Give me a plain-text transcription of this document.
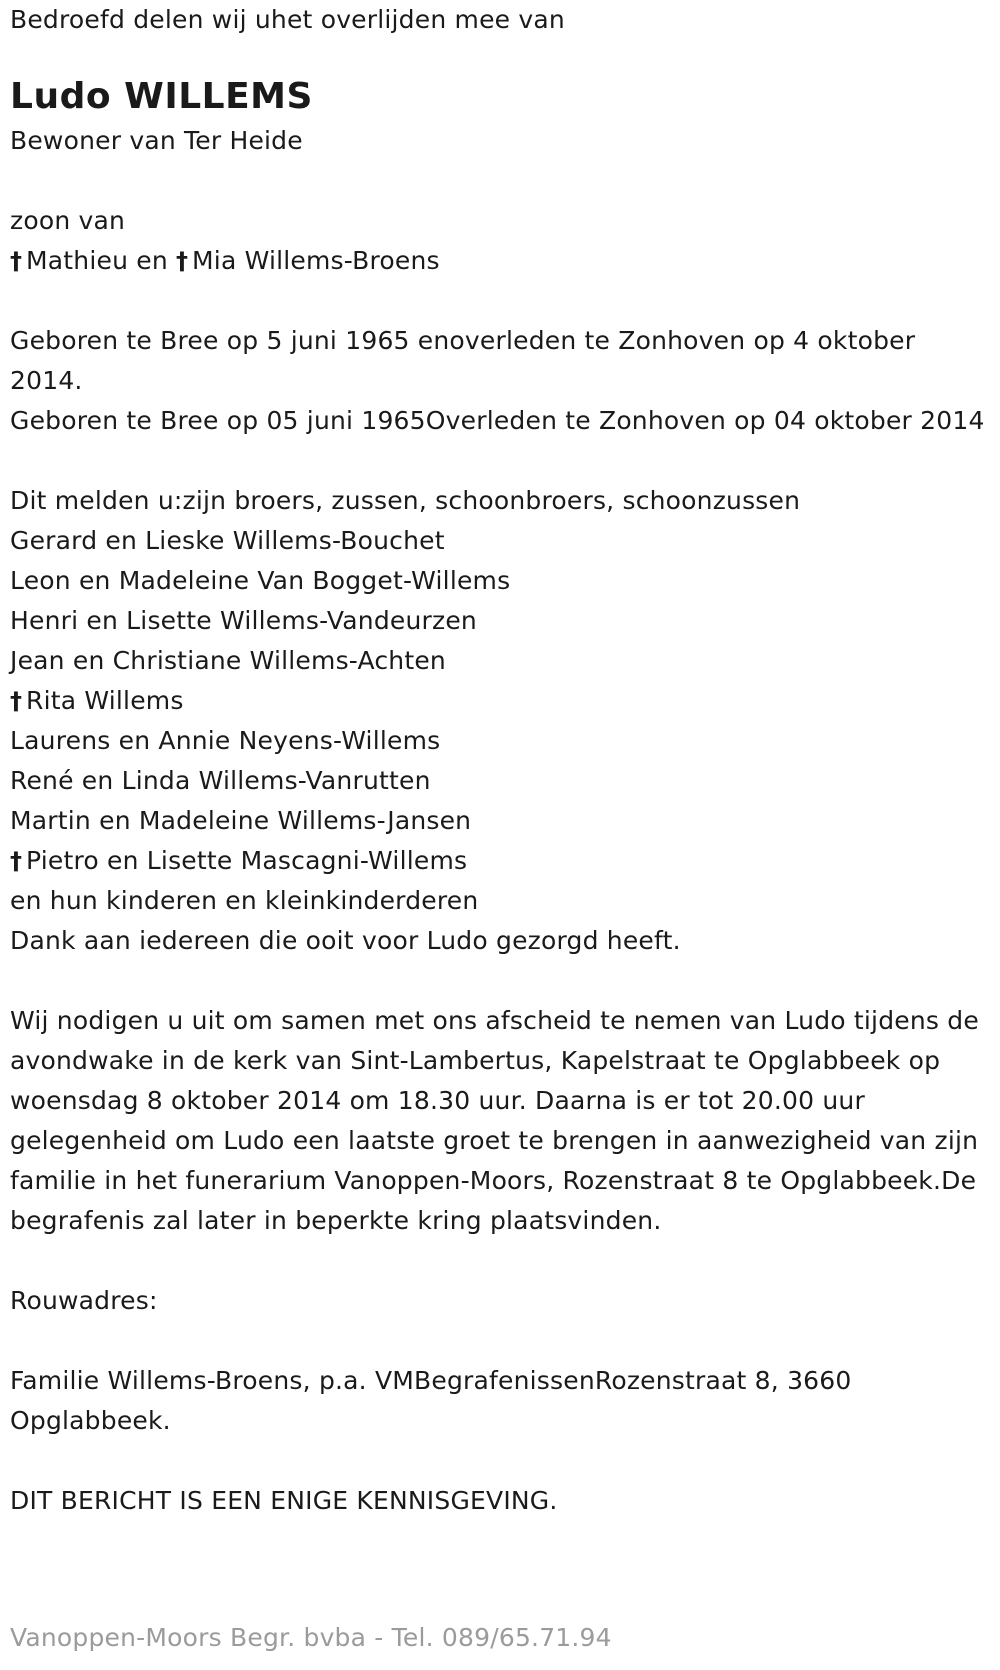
Bedroefd delen wij uhet overlijden mee van

Ludo WILLEMS

Bewoner van Ter Heide

zoon van

† Mathieu en † Mia Willems-Broens

Geboren te Bree op 5 juni 1965 enoverleden te Zonhoven op 4 oktober 2014.

Geboren te Bree op 05 juni 1965Overleden te Zonhoven op 04 oktober 2014

Dit melden u:zijn broers, zussen, schoonbroers, schoonzussen

Gerard en Lieske Willems-Bouchet

Leon en Madeleine Van Bogget-Willems

Henri en Lisette Willems-Vandeurzen

Jean en Christiane Willems-Achten

† Rita Willems

Laurens en Annie Neyens-Willems

René en Linda Willems-Vanrutten

Martin en Madeleine Willems-Jansen

† Pietro en Lisette Mascagni-Willems

en hun kinderen en kleinkinderderen

Dank aan iedereen die ooit voor Ludo gezorgd heeft.

Wij nodigen u uit om samen met ons afscheid te nemen van Ludo tijdens de avondwake in de kerk van Sint-Lambertus, Kapelstraat te Opglabbeek op woensdag 8 oktober 2014 om 18.30 uur. Daarna is er tot 20.00 uur gelegenheid om Ludo een laatste groet te brengen in aanwezigheid van zijn familie in het funerarium Vanoppen-Moors, Rozenstraat 8 te Opglabbeek.De begrafenis zal later in beperkte kring plaatsvinden.

Rouwadres:

Familie Willems-Broens, p.a. VMBegrafenissenRozenstraat 8, 3660 Opglabbeek.

DIT BERICHT IS EEN ENIGE KENNISGEVING.

Vanoppen-Moors Begr. bvba - Tel. 089/65.71.94
